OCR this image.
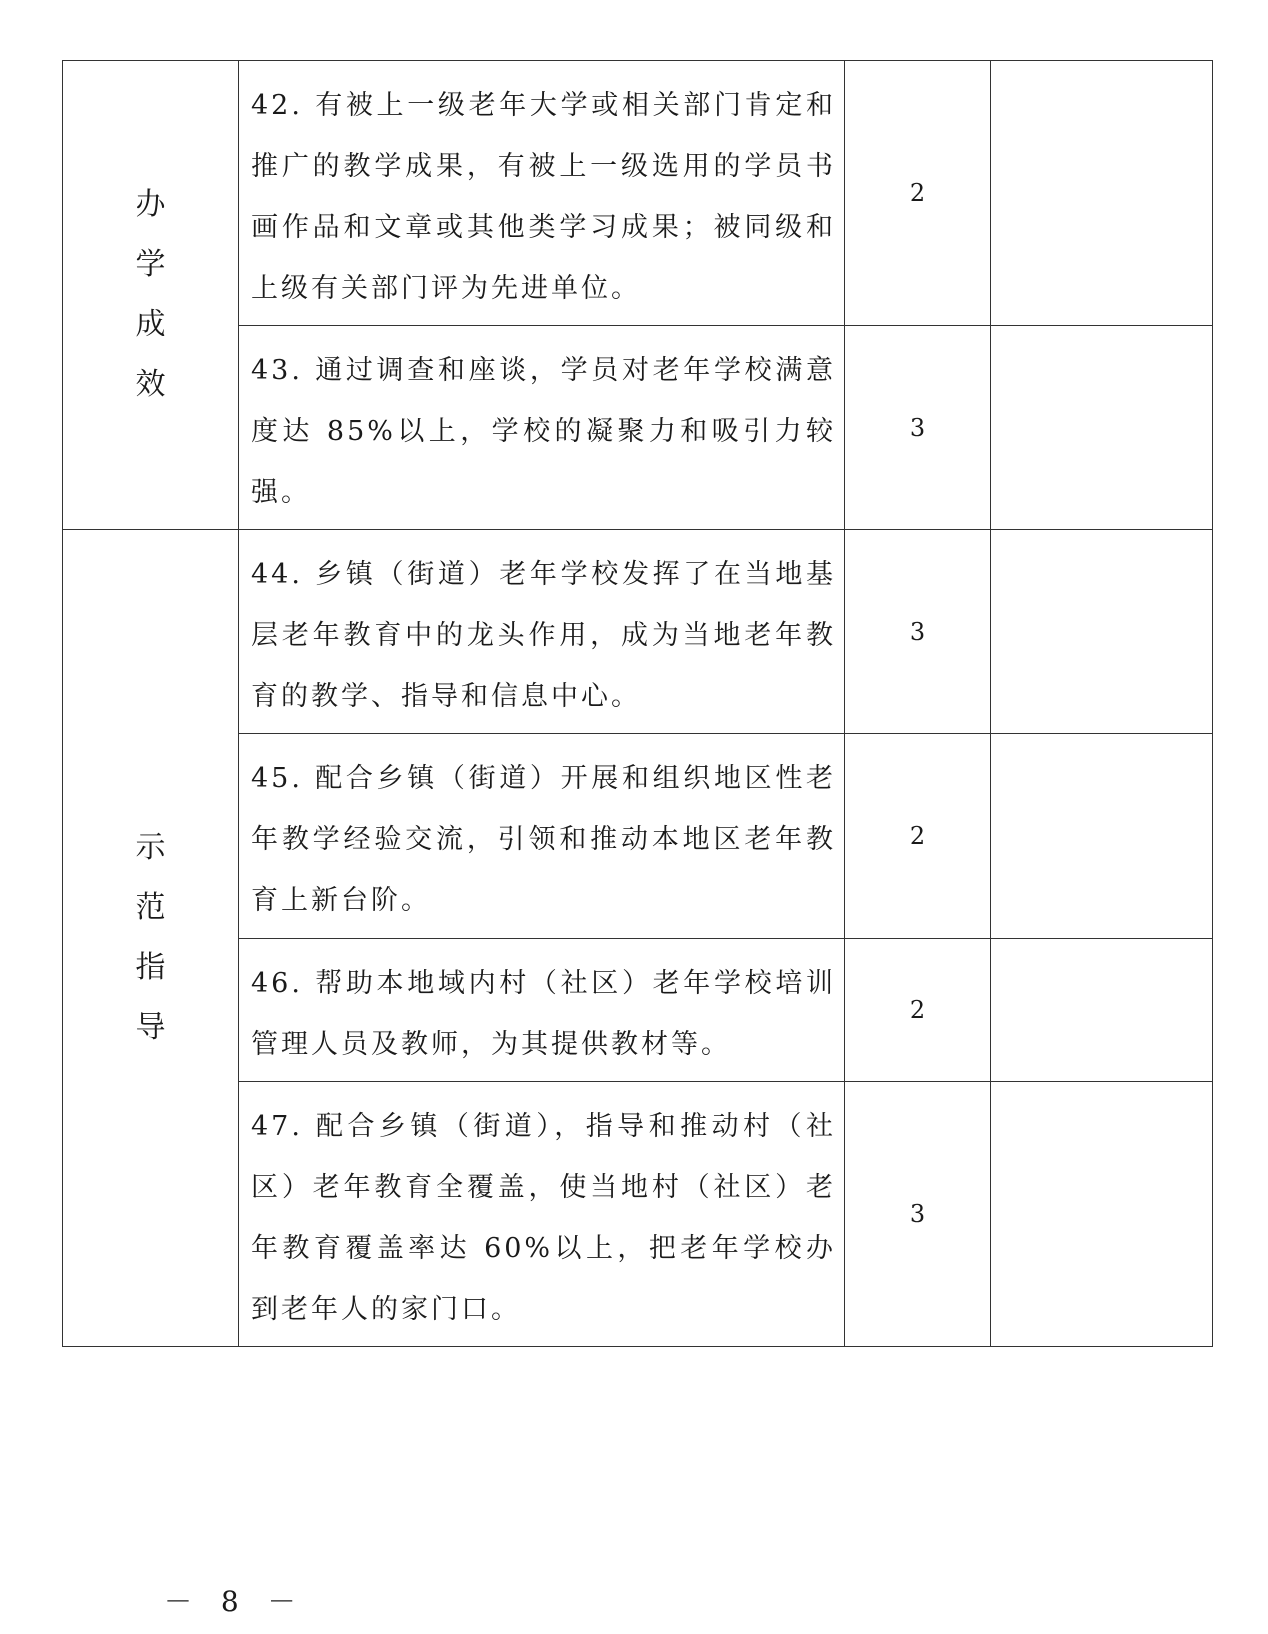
办学成效	42. 有被上一级老年大学或相关部门肯定和推广的教学成果，有被上一级选用的学员书画作品和文章或其他类学习成果；被同级和上级有关部门评为先进单位。	2	
	43. 通过调查和座谈，学员对老年学校满意度达 85%以上，学校的凝聚力和吸引力较强。	3	
示范指导	44. 乡镇（街道）老年学校发挥了在当地基层老年教育中的龙头作用，成为当地老年教育的教学、指导和信息中心。	3	
	45. 配合乡镇（街道）开展和组织地区性老年教学经验交流，引领和推动本地区老年教育上新台阶。	2	
	46. 帮助本地域内村（社区）老年学校培训管理人员及教师，为其提供教材等。	2	
	47. 配合乡镇（街道），指导和推动村（社区）老年教育全覆盖，使当地村（社区）老年教育覆盖率达 60%以上，把老年学校办到老年人的家门口。	3	
－ 8 －
